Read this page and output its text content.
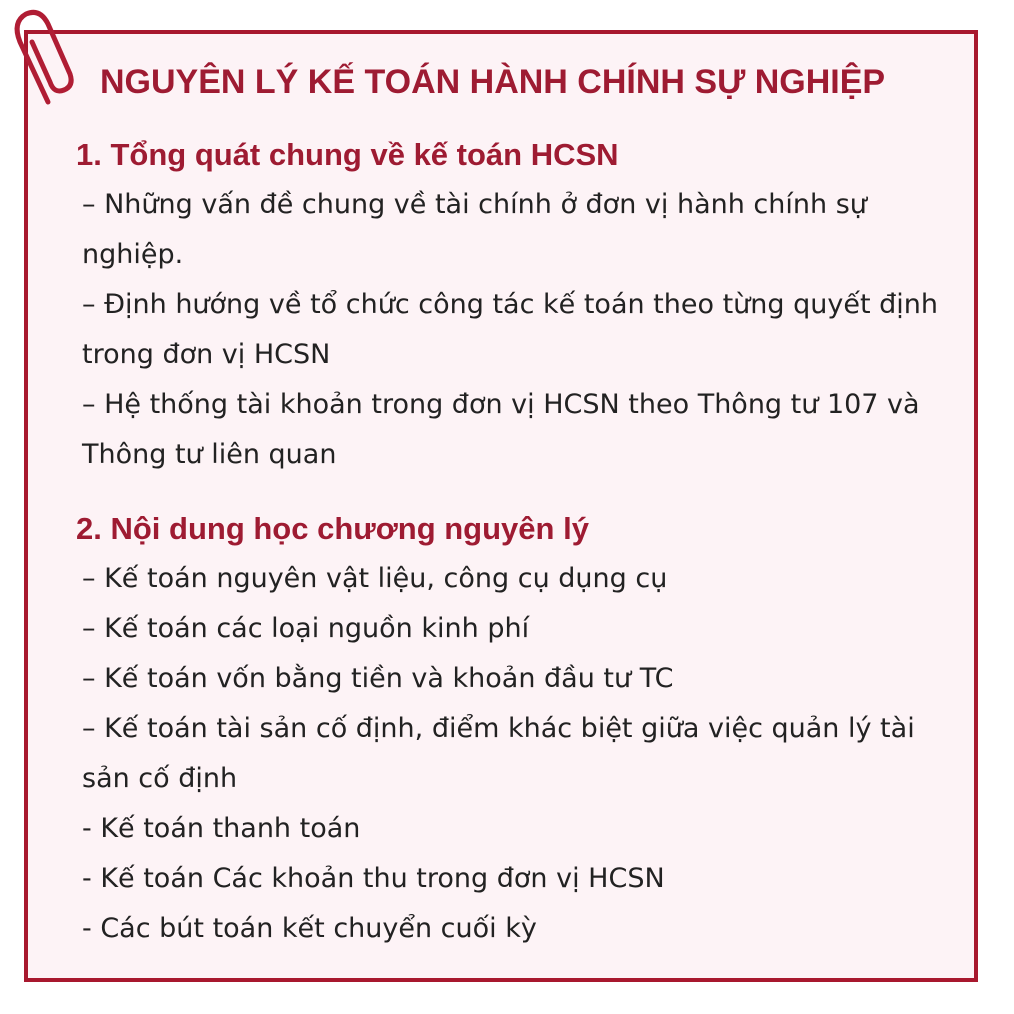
NGUYÊN LÝ KẾ TOÁN HÀNH CHÍNH SỰ NGHIỆP
1. Tổng quát chung về kế toán HCSN
– Những vấn đề chung về tài chính ở đơn vị hành chính sự nghiệp.
– Định hướng về tổ chức công tác kế toán theo từng quyết định trong đơn vị HCSN
– Hệ thống tài khoản trong đơn vị HCSN theo Thông tư 107 và Thông tư liên quan
2. Nội dung học chương nguyên lý
– Kế toán nguyên vật liệu, công cụ dụng cụ
– Kế toán các loại nguồn kinh phí
– Kế toán vốn bằng tiền và khoản đầu tư TC
– Kế toán tài sản cố định, điểm khác biệt giữa việc quản lý tài sản cố định
- Kế toán thanh toán
- Kế toán Các khoản thu trong đơn vị HCSN
- Các bút toán kết chuyển cuối kỳ
